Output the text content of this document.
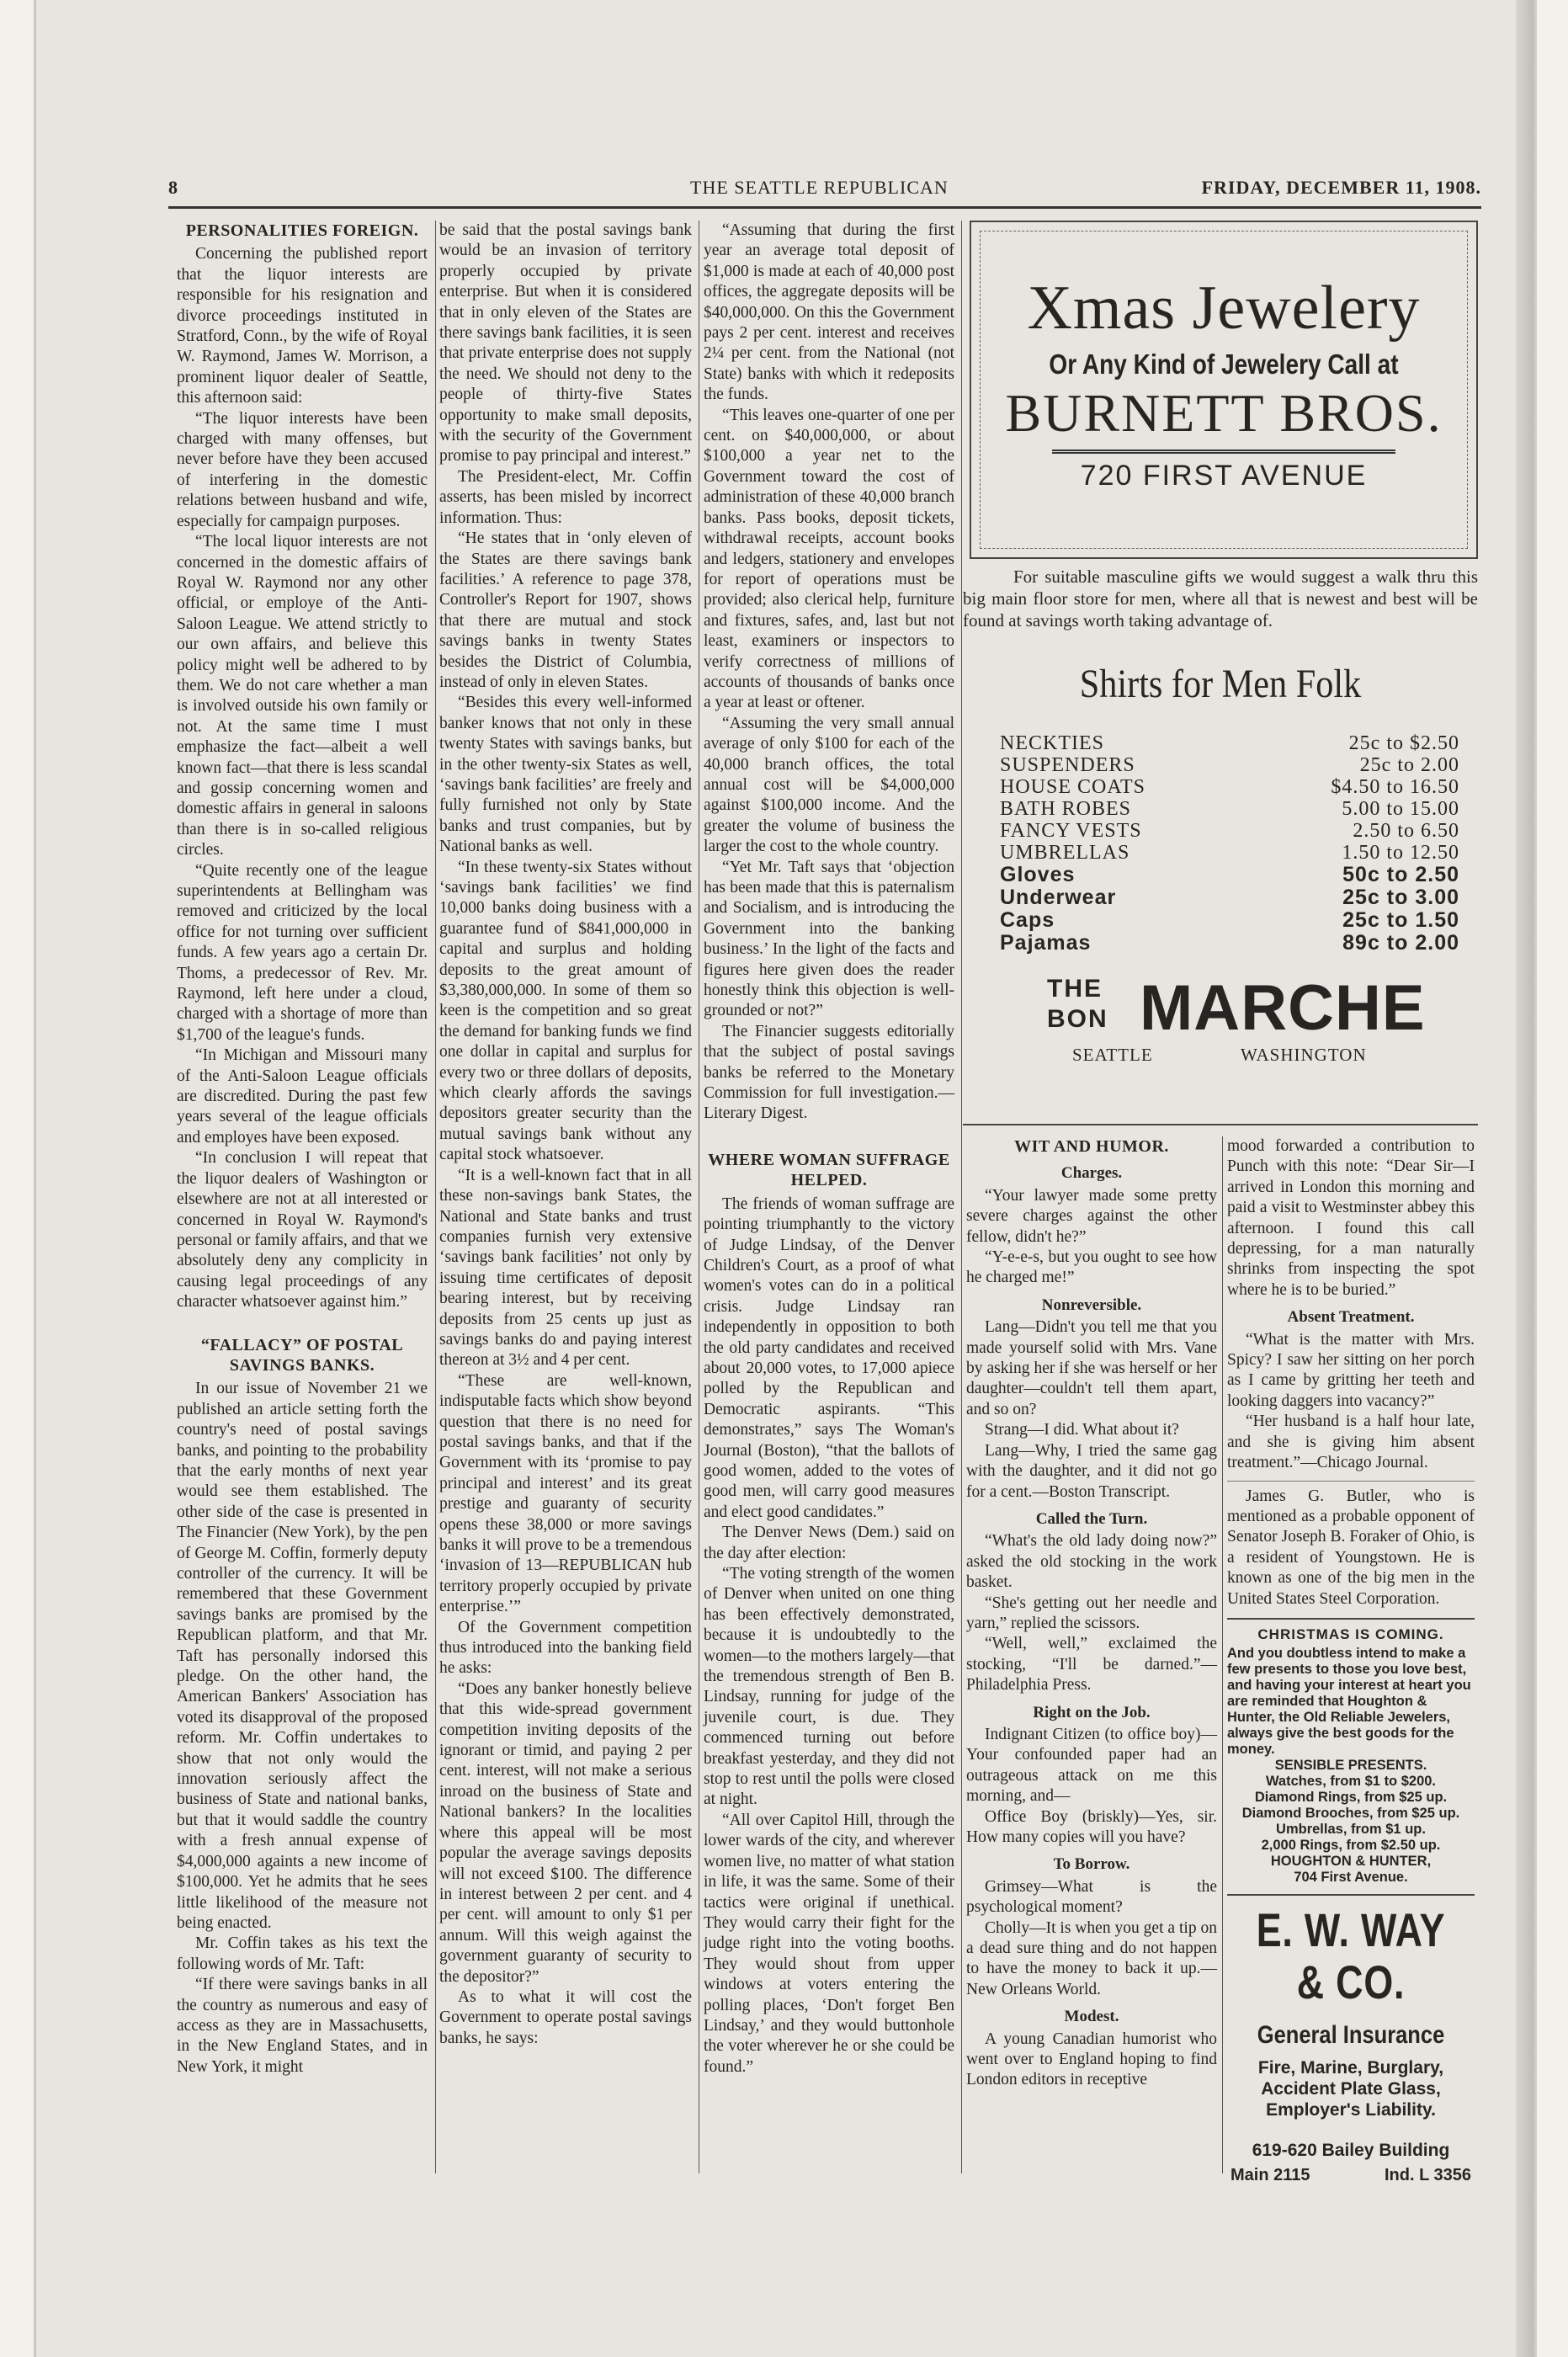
8	THE SEATTLE REPUBLICAN	FRIDAY, DECEMBER 11, 1908.
PERSONALITIES FOREIGN.

Concerning the published report that the liquor interests are responsible for his resignation and divorce proceedings instituted in Stratford, Conn., by the wife of Royal W. Raymond, James W. Morrison, a prominent liquor dealer of Seattle, this afternoon said:

“The liquor interests have been charged with many offenses, but never before have they been accused of interfering in the domestic relations between husband and wife, especially for campaign purposes.

“The local liquor interests are not concerned in the domestic affairs of Royal W. Raymond nor any other official, or employe of the Anti-Saloon League. We attend strictly to our own affairs, and believe this policy might well be adhered to by them. We do not care whether a man is involved outside his own family or not. At the same time I must emphasize the fact—albeit a well known fact—that there is less scandal and gossip concerning women and domestic affairs in general in saloons than there is in so-called religious circles.

“Quite recently one of the league superintendents at Bellingham was removed and criticized by the local office for not turning over sufficient funds. A few years ago a certain Dr. Thoms, a predecessor of Rev. Mr. Raymond, left here under a cloud, charged with a shortage of more than $1,700 of the league's funds.

“In Michigan and Missouri many of the Anti-Saloon League officials are discredited. During the past few years several of the league officials and employes have been exposed.

“In conclusion I will repeat that the liquor dealers of Washington or elsewhere are not at all interested or concerned in Royal W. Raymond's personal or family affairs, and that we absolutely deny any complicity in causing legal proceedings of any character whatsoever against him.”

“FALLACY” OF POSTAL SAVINGS BANKS.

In our issue of November 21 we published an article setting forth the country's need of postal savings banks, and pointing to the probability that the early months of next year would see them established. The other side of the case is presented in The Financier (New York), by the pen of George M. Coffin, formerly deputy controller of the currency. It will be remembered that these Government savings banks are promised by the Republican platform, and that Mr. Taft has personally indorsed this pledge. On the other hand, the American Bankers' Association has voted its disapproval of the proposed reform. Mr. Coffin undertakes to show that not only would the innovation seriously affect the business of State and national banks, but that it would saddle the country with a fresh annual expense of $4,000,000 againts a new income of $100,000. Yet he admits that he sees little likelihood of the measure not being enacted.

Mr. Coffin takes as his text the following words of Mr. Taft:

“If there were savings banks in all the country as numerous and easy of access as they are in Massachusetts, in the New England States, and in New York, it might

be said that the postal savings bank would be an invasion of territory properly occupied by private enterprise. But when it is considered that in only eleven of the States are there savings bank facilities, it is seen that private enterprise does not supply the need. We should not deny to the people of thirty-five States opportunity to make small deposits, with the security of the Government promise to pay principal and interest.”

The President-elect, Mr. Coffin asserts, has been misled by incorrect information. Thus:

“He states that in ‘only eleven of the States are there savings bank facilities.’ A reference to page 378, Controller's Report for 1907, shows that there are mutual and stock savings banks in twenty States besides the District of Columbia, instead of only in eleven States.

“Besides this every well-informed banker knows that not only in these twenty States with savings banks, but in the other twenty-six States as well, ‘savings bank facilities’ are freely and fully furnished not only by State banks and trust companies, but by National banks as well.

“In these twenty-six States without ‘savings bank facilities’ we find 10,000 banks doing business with a guarantee fund of $841,000,000 in capital and surplus and holding deposits to the great amount of $3,380,000,000. In some of them so keen is the competition and so great the demand for banking funds we find one dollar in capital and surplus for every two or three dollars of deposits, which clearly affords the savings depositors greater security than the mutual savings bank without any capital stock whatsoever.

“It is a well-known fact that in all these non-savings bank States, the National and State banks and trust companies furnish very extensive ‘savings bank facilities’ not only by issuing time certificates of deposit bearing interest, but by receiving deposits from 25 cents up just as savings banks do and paying interest thereon at 3½ and 4 per cent.

“These are well-known, indisputable facts which show beyond question that there is no need for postal savings banks, and that if the Government with its ‘promise to pay principal and interest’ and its great prestige and guaranty of security opens these 38,000 or more savings banks it will prove to be a tremendous ‘invasion of 13—REPUBLICAN hub territory properly occupied by private enterprise.’”

Of the Government competition thus introduced into the banking field he asks:

“Does any banker honestly believe that this wide-spread government competition inviting deposits of the ignorant or timid, and paying 2 per cent. interest, will not make a serious inroad on the business of State and National bankers? In the localities where this appeal will be most popular the average savings deposits will not exceed $100. The difference in interest between 2 per cent. and 4 per cent. will amount to only $1 per annum. Will this weigh against the government guaranty of security to the depositor?”

As to what it will cost the Government to operate postal savings banks, he says:

“Assuming that during the first year an average total deposit of $1,000 is made at each of 40,000 post offices, the aggregate deposits will be $40,000,000. On this the Government pays 2 per cent. interest and receives 2¼ per cent. from the National (not State) banks with which it redeposits the funds.

“This leaves one-quarter of one per cent. on $40,000,000, or about $100,000 a year net to the Government toward the cost of administration of these 40,000 branch banks. Pass books, deposit tickets, withdrawal receipts, account books and ledgers, stationery and envelopes for report of operations must be provided; also clerical help, furniture and fixtures, safes, and, last but not least, examiners or inspectors to verify correctness of millions of accounts of thousands of banks once a year at least or oftener.

“Assuming the very small annual average of only $100 for each of the 40,000 branch offices, the total annual cost will be $4,000,000 against $100,000 income. And the greater the volume of business the larger the cost to the whole country.

“Yet Mr. Taft says that ‘objection has been made that this is paternalism and Socialism, and is introducing the Government into the banking business.’ In the light of the facts and figures here given does the reader honestly think this objection is well-grounded or not?”

The Financier suggests editorially that the subject of postal savings banks be referred to the Monetary Commission for full investigation.—Literary Digest.

WHERE WOMAN SUFFRAGE HELPED.

The friends of woman suffrage are pointing triumphantly to the victory of Judge Lindsay, of the Denver Children's Court, as a proof of what women's votes can do in a political crisis. Judge Lindsay ran independently in opposition to both the old party candidates and received about 20,000 votes, to 17,000 apiece polled by the Republican and Democratic aspirants. “This demonstrates,” says The Woman's Journal (Boston), “that the ballots of good women, added to the votes of good men, will carry good measures and elect good candidates.”

The Denver News (Dem.) said on the day after election:

“The voting strength of the women of Denver when united on one thing has been effectively demonstrated, because it is undoubtedly to the women—to the mothers largely—that the tremendous strength of Ben B. Lindsay, running for judge of the juvenile court, is due. They commenced turning out before breakfast yesterday, and they did not stop to rest until the polls were closed at night.

“All over Capitol Hill, through the lower wards of the city, and wherever women live, no matter of what station in life, it was the same. Some of their tactics were original if unethical. They would carry their fight for the judge right into the voting booths. They would shout from upper windows at voters entering the polling places, ‘Don't forget Ben Lindsay,’ and they would buttonhole the voter wherever he or she could be found.”

Xmas Jewelery
Or Any Kind of Jewelery Call at
BURNETT BROS.
720 FIRST AVENUE

For suitable masculine gifts we would suggest a walk thru this big main floor store for men, where all that is newest and best will be found at savings worth taking advantage of.

Shirts for Men Folk
NECKTIES	25c to $2.50
SUSPENDERS	25c to 2.00
HOUSE COATS	$4.50 to 16.50
BATH ROBES	5.00 to 15.00
FANCY VESTS	2.50 to 6.50
UMBRELLAS	1.50 to 12.50
Gloves	50c to 2.50
Underwear	25c to 3.00
Caps	25c to 1.50
Pajamas	89c to 2.00
THE
BON MARCHE
SEATTLE	WASHINGTON
WIT AND HUMOR.
Charges.

“Your lawyer made some pretty severe charges against the other fellow, didn't he?”

“Y-e-e-s, but you ought to see how he charged me!”

Nonreversible.

Lang—Didn't you tell me that you made yourself solid with Mrs. Vane by asking her if she was herself or her daughter—couldn't tell them apart, and so on?

Strang—I did. What about it?

Lang—Why, I tried the same gag with the daughter, and it did not go for a cent.—Boston Transcript.

Called the Turn.

“What's the old lady doing now?” asked the old stocking in the work basket.

“She's getting out her needle and yarn,” replied the scissors.

“Well, well,” exclaimed the stocking, “I'll be darned.”—Philadelphia Press.

Right on the Job.

Indignant Citizen (to office boy)—Your confounded paper had an outrageous attack on me this morning, and—

Office Boy (briskly)—Yes, sir. How many copies will you have?

To Borrow.

Grimsey—What is the psychological moment?

Cholly—It is when you get a tip on a dead sure thing and do not happen to have the money to back it up.—New Orleans World.

Modest.

A young Canadian humorist who went over to England hoping to find London editors in receptive

mood forwarded a contribution to Punch with this note: “Dear Sir—I arrived in London this morning and paid a visit to Westminster abbey this afternoon. I found this call depressing, for a man naturally shrinks from inspecting the spot where he is to be buried.”

Absent Treatment.

“What is the matter with Mrs. Spicy? I saw her sitting on her porch as I came by gritting her teeth and looking daggers into vacancy?”

“Her husband is a half hour late, and she is giving him absent treatment.”—Chicago Journal.

James G. Butler, who is mentioned as a probable opponent of Senator Joseph B. Foraker of Ohio, is a resident of Youngstown. He is known as one of the big men in the United States Steel Corporation.

CHRISTMAS IS COMING.
And you doubtless intend to make a few presents to those you love best, and having your interest at heart you are reminded that Houghton & Hunter, the Old Reliable Jewelers, always give the best goods for the money.
SENSIBLE PRESENTS.
Watches, from $1 to $200.
Diamond Rings, from $25 up.
Diamond Brooches, from $25 up.
Umbrellas, from $1 up.
2,000 Rings, from $2.50 up.
HOUGHTON & HUNTER,
704 First Avenue.
E. W. WAY & CO.
General Insurance
Fire, Marine, Burglary, Accident Plate Glass, Employer's Liability.
619-620 Bailey Building
Main 2115	Ind. L 3356
